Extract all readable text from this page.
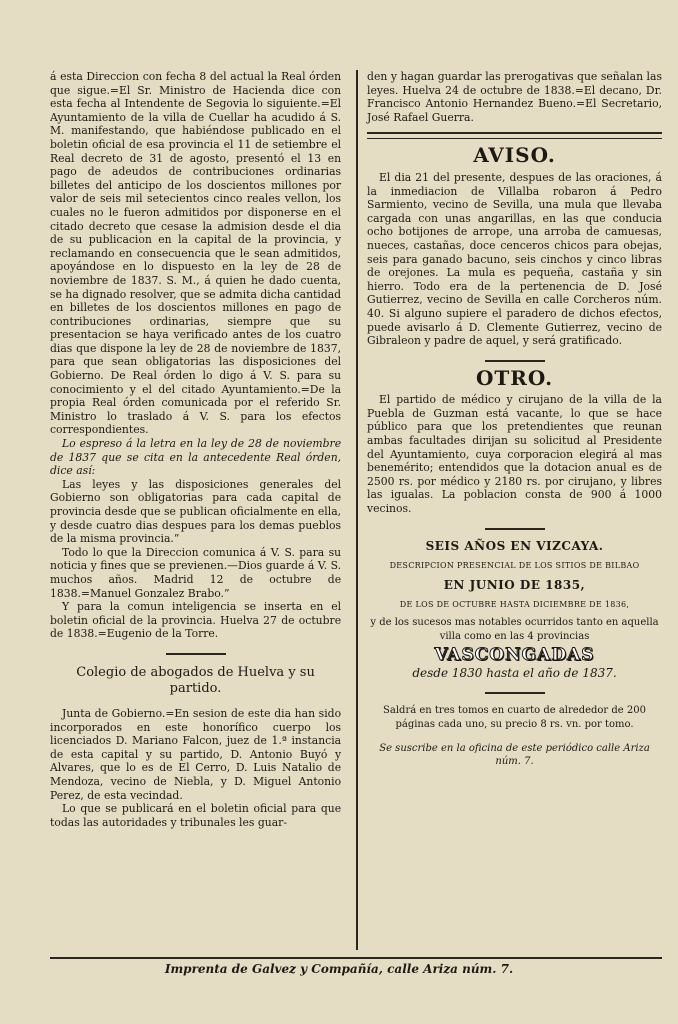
á esta Direccion con fecha 8 del actual la Real órden que sigue.=El Sr. Ministro de Hacienda dice con esta fecha al Intendente de Segovia lo siguiente.=El Ayuntamiento de la villa de Cuellar ha acudido á S. M. manifestando, que habiéndose publicado en el boletin oficial de esa provincia el 11 de setiembre el Real decreto de 31 de agosto, presentó el 13 en pago de adeudos de contribuciones ordinarias billetes del anticipo de los doscientos millones por valor de seis mil setecientos cinco reales vellon, los cuales no le fueron admitidos por disponerse en el citado decreto que cesase la admision desde el dia de su publicacion en la capital de la provincia, y reclamando en consecuencia que le sean admitidos, apoyándose en lo dispuesto en la ley de 28 de noviembre de 1837. S. M., á quien he dado cuenta, se ha dignado resolver, que se admita dicha cantidad en billetes de los doscientos millones en pago de contribuciones ordinarias, siempre que su presentacion se haya verificado antes de los cuatro dias que dispone la ley de 28 de noviembre de 1837, para que sean obligatorias las disposiciones del Gobierno. De Real órden lo digo á V. S. para su conocimiento y el del citado Ayuntamiento.=De la propia Real órden comunicada por el referido Sr. Ministro lo traslado á V. S. para los efectos correspondientes.

Lo espreso á la letra en la ley de 28 de noviembre de 1837 que se cita en la antecedente Real órden, dice así:

Las leyes y las disposiciones generales del Gobierno son obligatorias para cada capital de provincia desde que se publican oficialmente en ella, y desde cuatro dias despues para los demas pueblos de la misma provincia.”

Todo lo que la Direccion comunica á V. S. para su noticia y fines que se previenen.—Dios guarde á V. S. muchos años. Madrid 12 de octubre de 1838.=Manuel Gonzalez Brabo.”

Y para la comun inteligencia se inserta en el boletin oficial de la provincia. Huelva 27 de octubre de 1838.=Eugenio de la Torre.

Colegio de abogados de Huelva y su partido.

Junta de Gobierno.=En sesion de este dia han sido incorporados en este honorífico cuerpo los licenciados D. Mariano Falcon, juez de 1.ª instancia de esta capital y su partido, D. Antonio Buyó y Alvares, que lo es de El Cerro, D. Luis Natalio de Mendoza, vecino de Niebla, y D. Miguel Antonio Perez, de esta vecindad.

Lo que se publicará en el boletin oficial para que todas las autoridades y tribunales les guar-

den y hagan guardar las prerogativas que señalan las leyes. Huelva 24 de octubre de 1838.=El decano, Dr. Francisco Antonio Hernandez Bueno.=El Secretario, José Rafael Guerra.

AVISO.

El dia 21 del presente, despues de las oraciones, á la inmediacion de Villalba robaron á Pedro Sarmiento, vecino de Sevilla, una mula que llevaba cargada con unas angarillas, en las que conducia ocho botijones de arrope, una arroba de camuesas, nueces, castañas, doce cenceros chicos para obejas, seis para ganado bacuno, seis cinchos y cinco libras de orejones. La mula es pequeña, castaña y sin hierro. Todo era de la pertenencia de D. José Gutierrez, vecino de Sevilla en calle Corcheros núm. 40. Si alguno supiere el paradero de dichos efectos, puede avisarlo á D. Clemente Gutierrez, vecino de Gibraleon y padre de aquel, y será gratificado.

OTRO.

El partido de médico y cirujano de la villa de la Puebla de Guzman está vacante, lo que se hace público para que los pretendientes que reunan ambas facultades dirijan su solicitud al Presidente del Ayuntamiento, cuya corporacion elegirá al mas benemérito; entendidos que la dotacion anual es de 2500 rs. por médico y 2180 rs. por cirujano, y libres las igualas. La poblacion consta de 900 á 1000 vecinos.

SEIS AÑOS EN VIZCAYA.
DESCRIPCION PRESENCIAL DE LOS SITIOS DE BILBAO
EN JUNIO DE 1835,
DE LOS DE OCTUBRE HASTA DICIEMBRE DE 1836,
y de los sucesos mas notables ocurridos tanto en aquella villa como en las 4 provincias
VASCONGADAS
desde 1830 hasta el año de 1837.

Saldrá en tres tomos en cuarto de alrededor de 200 páginas cada uno, su precio 8 rs. vn. por tomo.

Se suscribe en la oficina de este periódico calle Ariza núm. 7.

Imprenta de Galvez y Compañía, calle Ariza núm. 7.
